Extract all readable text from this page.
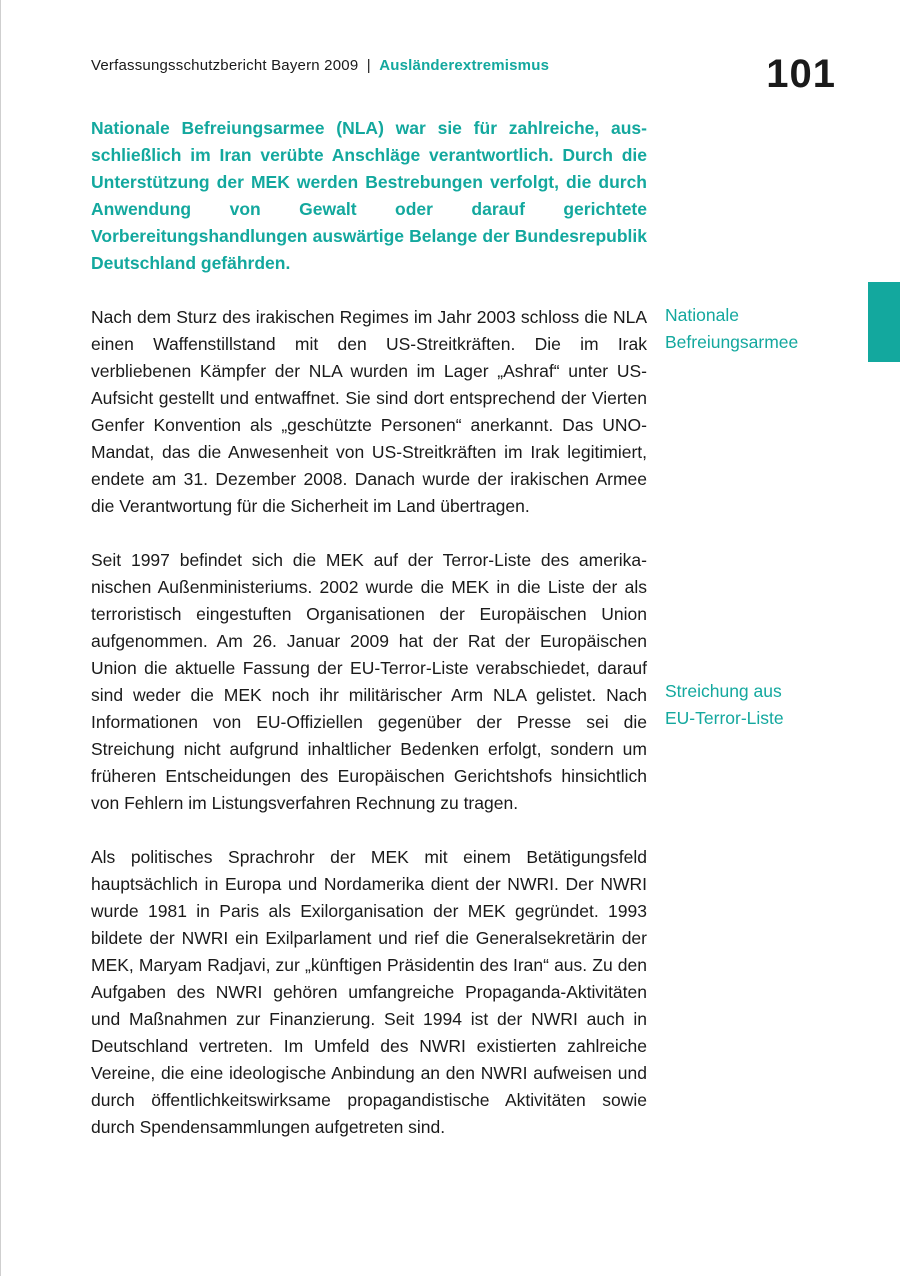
Verfassungsschutzbericht Bayern 2009 | Ausländerextremismus	101

Nationale Befreiungsarmee (NLA) war sie für zahlreiche, ausschließlich im Iran verübte Anschläge verantwortlich. Durch die Unterstützung der MEK werden Bestrebungen verfolgt, die durch Anwendung von Gewalt oder darauf gerichtete Vorbereitungshandlungen auswärtige Belange der Bundesrepublik Deutschland gefährden.

Nach dem Sturz des irakischen Regimes im Jahr 2003 schloss die NLA einen Waffenstillstand mit den US-Streitkräften. Die im Irak verbliebenen Kämpfer der NLA wurden im Lager „Ashraf“ unter US-Aufsicht gestellt und entwaffnet. Sie sind dort entsprechend der Vierten Genfer Konvention als „geschützte Personen“ anerkannt. Das UNO-Mandat, das die Anwesenheit von US-Streitkräften im Irak legitimiert, endete am 31. Dezember 2008. Danach wurde der irakischen Armee die Verantwortung für die Sicherheit im Land übertragen.

Seit 1997 befindet sich die MEK auf der Terror-Liste des amerikanischen Außenministeriums. 2002 wurde die MEK in die Liste der als terroristisch eingestuften Organisationen der Europäischen Union aufgenommen. Am 26. Januar 2009 hat der Rat der Europäischen Union die aktuelle Fassung der EU-Terror-Liste verabschiedet, darauf sind weder die MEK noch ihr militärischer Arm NLA gelistet. Nach Informationen von EU-Offiziellen gegenüber der Presse sei die Streichung nicht aufgrund inhaltlicher Bedenken erfolgt, sondern um früheren Entscheidungen des Europäischen Gerichtshofs hinsichtlich von Fehlern im Listungsverfahren Rechnung zu tragen.

Als politisches Sprachrohr der MEK mit einem Betätigungsfeld hauptsächlich in Europa und Nordamerika dient der NWRI. Der NWRI wurde 1981 in Paris als Exilorganisation der MEK gegründet. 1993 bildete der NWRI ein Exilparlament und rief die Generalsekretärin der MEK, Maryam Radjavi, zur „künftigen Präsidentin des Iran“ aus. Zu den Aufgaben des NWRI gehören umfangreiche Propaganda-Aktivitäten und Maßnahmen zur Finanzierung. Seit 1994 ist der NWRI auch in Deutschland vertreten. Im Umfeld des NWRI existierten zahlreiche Vereine, die eine ideologische Anbindung an den NWRI aufweisen und durch öffentlichkeitswirksame propagandistische Aktivitäten sowie durch Spendensammlungen aufgetreten sind.

Nationale
Befreiungsarmee
Streichung aus
EU-Terror-Liste
